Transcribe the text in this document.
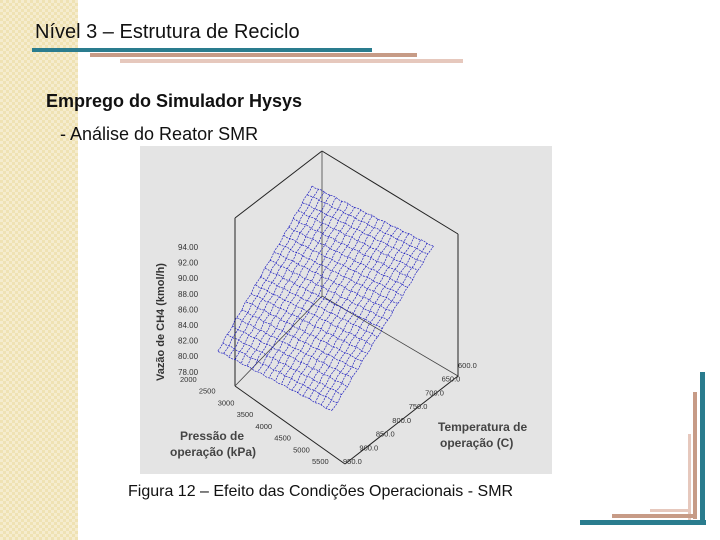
Nível 3 – Estrutura de Reciclo
Emprego do Simulador Hysys
- Análise do Reator SMR
94.00
92.00
90.00
88.00
86.00
84.00
82.00
80.00
78.00
Vazão de CH4 (kmol/h) 2000
2500
3000
3500
4000
4500
5000
5500
600.0
650.0
700.0
750.0
800.0
850.0
900.0
950.0
Pressão de
operação (kPa)
Temperatura de
operação (C)
Figura 12 – Efeito das Condições Operacionais - SMR
